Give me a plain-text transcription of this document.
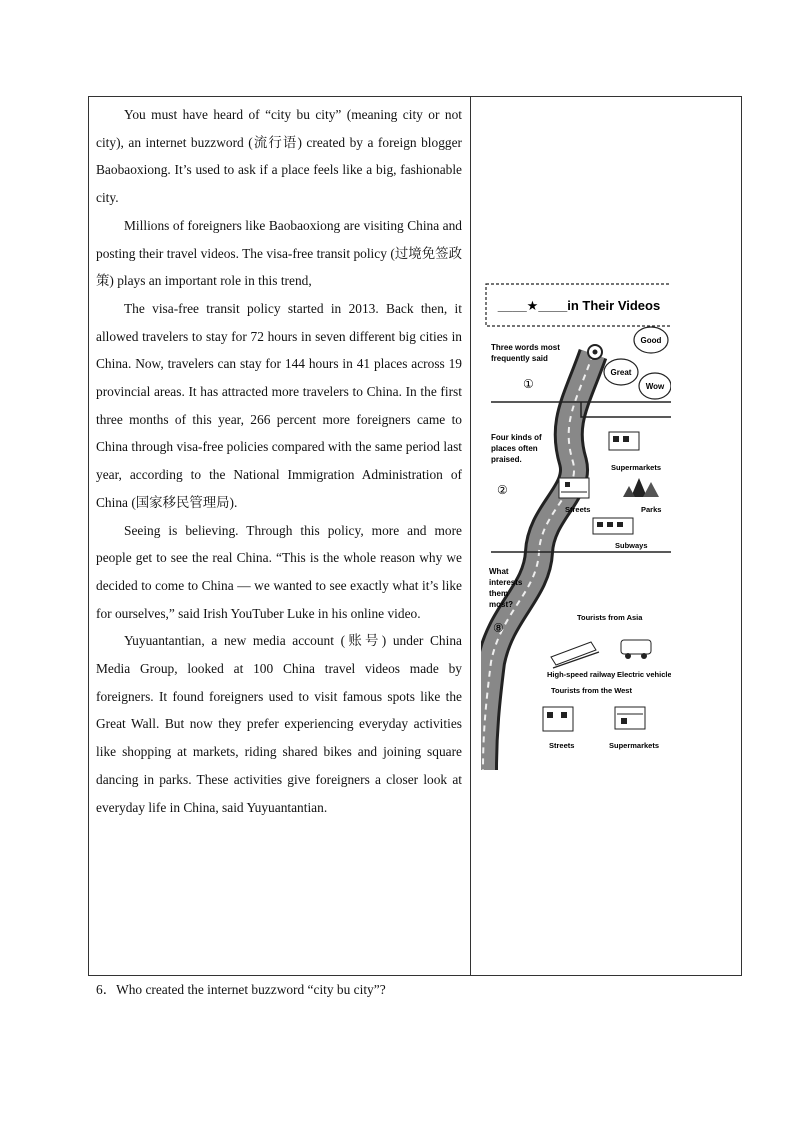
You must have heard of “city bu city” (meaning city or not city), an internet buzzword (流行语) created by a foreign blogger Baobaoxiong. It’s used to ask if a place feels like a big, fashionable city.

Millions of foreigners like Baobaoxiong are visiting China and posting their travel videos. The visa-free transit policy (过境免签政策) plays an important role in this trend,

The visa-free transit policy started in 2013. Back then, it allowed travelers to stay for 72 hours in seven different big cities in China. Now, travelers can stay for 144 hours in 41 places across 19 provincial areas. It has attracted more travelers to China. In the first three months of this year, 266 percent more foreigners came to China through visa-free policies compared with the same period last year, according to the National Immigration Administration of China (国家移民管理局).

Seeing is believing. Through this policy, more and more people get to see the real China. “This is the whole reason why we decided to come to China — we wanted to see exactly what it’s like for ourselves,” said Irish YouTuber Luke in his online video.

Yuyuantantian, a new media account (账号) under China Media Group, looked at 100 China travel videos made by foreigners. It found foreigners used to visit famous spots like the Great Wall. But now they prefer experiencing everyday activities like shopping at markets, riding shared bikes and joining square dancing in parks. These activities give foreigners a closer look at everyday life in China, said Yuyuantantian.

____★____in Their Videos
Good
Great
Wow
Three words most
frequently said
①
Four kinds of
places often
praised.
②
Supermarkets
Streets	Parks
Subways
What
interests
them
most?
⑧
Tourists from Asia
High-speed railway Electric vehicles
Tourists from the West
Streets	Supermarkets
6．Who created the internet buzzword “city bu city”?
